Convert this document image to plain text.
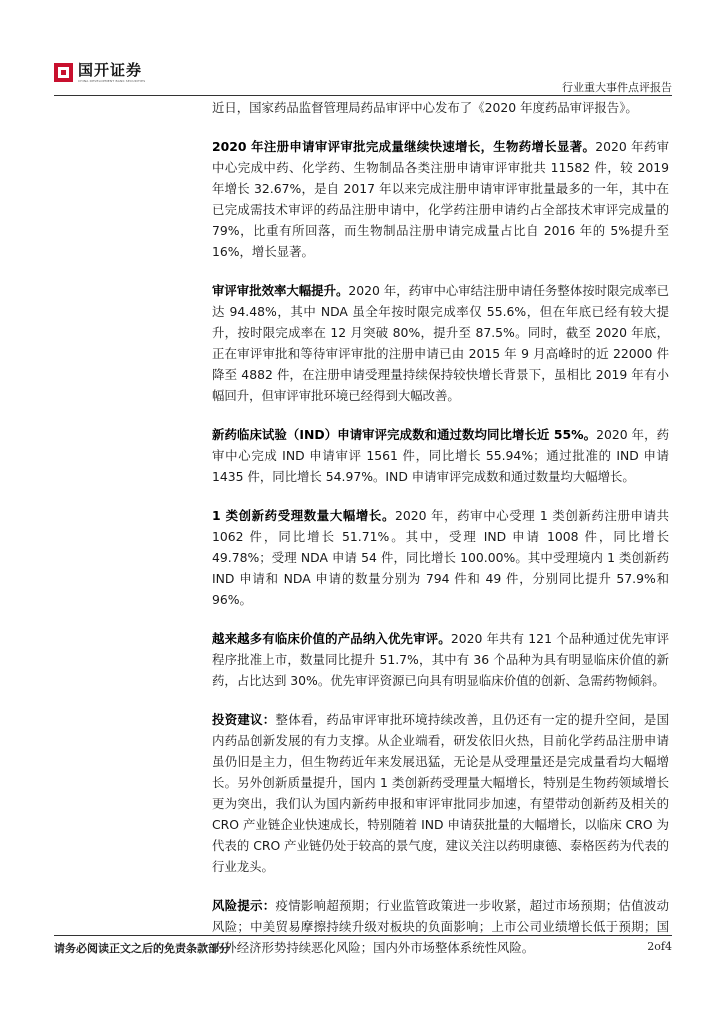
国开证券
CHINA DEVELOPMENT BANK SECURITIES	行业重大事件点评报告

近日，国家药品监督管理局药品审评中心发布了《2020 年度药品审评报告》。

2020 年注册申请审评审批完成量继续快速增长，生物药增长显著。2020 年药审中心完成中药、化学药、生物制品各类注册申请审评审批共 11582 件，较 2019 年增长 32.67%，是自 2017 年以来完成注册申请审评审批量最多的一年，其中在已完成需技术审评的药品注册申请中，化学药注册申请约占全部技术审评完成量的 79%，比重有所回落，而生物制品注册申请完成量占比自 2016 年的 5%提升至 16%，增长显著。

审评审批效率大幅提升。2020 年，药审中心审结注册申请任务整体按时限完成率已达 94.48%，其中 NDA 虽全年按时限完成率仅 55.6%，但在年底已经有较大提升，按时限完成率在 12 月突破 80%，提升至 87.5%。同时，截至 2020 年底，正在审评审批和等待审评审批的注册申请已由 2015 年 9 月高峰时的近 22000 件降至 4882 件，在注册申请受理量持续保持较快增长背景下，虽相比 2019 年有小幅回升，但审评审批环境已经得到大幅改善。

新药临床试验（IND）申请审评完成数和通过数均同比增长近 55%。2020 年，药审中心完成 IND 申请审评 1561 件，同比增长 55.94%；通过批准的 IND 申请 1435 件，同比增长 54.97%。IND 申请审评完成数和通过数量均大幅增长。

1 类创新药受理数量大幅增长。2020 年，药审中心受理 1 类创新药注册申请共 1062 件，同比增长 51.71%。其中，受理 IND 申请 1008 件，同比增长 49.78%；受理 NDA 申请 54 件，同比增长 100.00%。其中受理境内 1 类创新药 IND 申请和 NDA 申请的数量分别为 794 件和 49 件，分别同比提升 57.9%和 96%。

越来越多有临床价值的产品纳入优先审评。2020 年共有 121 个品种通过优先审评程序批准上市，数量同比提升 51.7%，其中有 36 个品种为具有明显临床价值的新药，占比达到 30%。优先审评资源已向具有明显临床价值的创新、急需药物倾斜。

投资建议：整体看，药品审评审批环境持续改善，且仍还有一定的提升空间，是国内药品创新发展的有力支撑。从企业端看，研发依旧火热，目前化学药品注册申请虽仍旧是主力，但生物药近年来发展迅猛，无论是从受理量还是完成量看均大幅增长。另外创新质量提升，国内 1 类创新药受理量大幅增长，特别是生物药领域增长更为突出，我们认为国内新药申报和审评审批同步加速，有望带动创新药及相关的 CRO 产业链企业快速成长，特别随着 IND 申请获批量的大幅增长，以临床 CRO 为代表的 CRO 产业链仍处于较高的景气度，建议关注以药明康德、泰格医药为代表的行业龙头。

风险提示：疫情影响超预期；行业监管政策进一步收紧，超过市场预期；估值波动风险；中美贸易摩擦持续升级对板块的负面影响；上市公司业绩增长低于预期；国内外经济形势持续恶化风险；国内外市场整体系统性风险。

请务必阅读正文之后的免责条款部分	2of4
